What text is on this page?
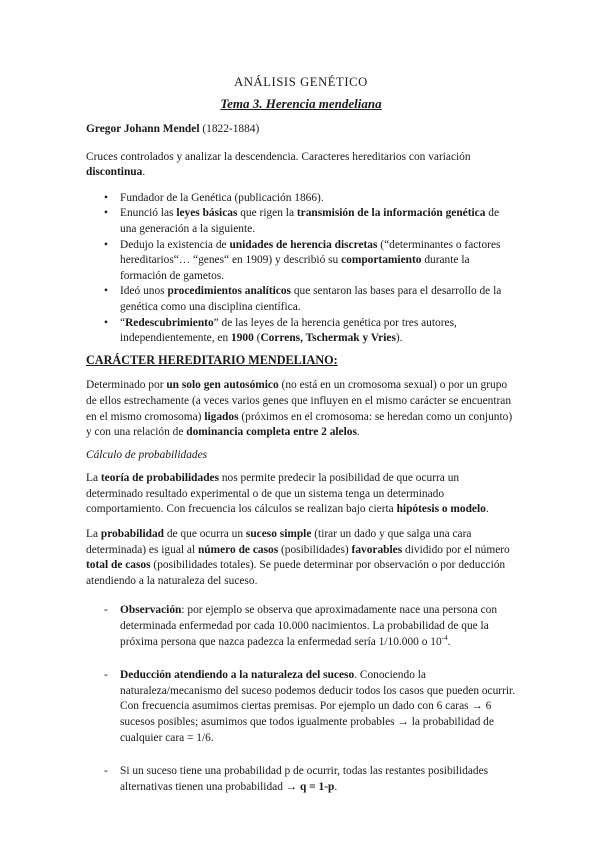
ANÁLISIS GENÉTICO

Tema 3. Herencia mendeliana

Gregor Johann Mendel (1822-1884)

Cruces controlados y analizar la descendencia. Caracteres hereditarios con variación discontinua.

• Fundador de la Genética (publicación 1866).
• Enunció las leyes básicas que rigen la transmisión de la información genética de una generación a la siguiente.
• Dedujo la existencia de unidades de herencia discretas (“determinantes o factores hereditarios“… “genes“ en 1909) y describió su comportamiento durante la formación de gametos.
• Ideó unos procedimientos analíticos que sentaron las bases para el desarrollo de la genética como una disciplina científica.
• “Redescubrimiento” de las leyes de la herencia genética por tres autores, independientemente, en 1900 (Correns, Tschermak y Vries).

CARÁCTER HEREDITARIO MENDELIANO:

Determinado por un solo gen autosómico (no está en un cromosoma sexual) o por un grupo de ellos estrechamente (a veces varios genes que influyen en el mismo carácter se encuentran en el mismo cromosoma) ligados (próximos en el cromosoma: se heredan como un conjunto) y con una relación de dominancia completa entre 2 alelos.

Cálculo de probabilidades

La teoría de probabilidades nos permite predecir la posibilidad de que ocurra un determinado resultado experimental o de que un sistema tenga un determinado comportamiento. Con frecuencia los cálculos se realizan bajo cierta hipótesis o modelo.

La probabilidad de que ocurra un suceso simple (tirar un dado y que salga una cara determinada) es igual al número de casos (posibilidades) favorables dividido por el número total de casos (posibilidades totales). Se puede determinar por observación o por deducción atendiendo a la naturaleza del suceso.

- Observación: por ejemplo se observa que aproximadamente nace una persona con determinada enfermedad por cada 10.000 nacimientos. La probabilidad de que la próxima persona que nazca padezca la enfermedad sería 1/10.000 o $10^{-4}$.
- Deducción atendiendo a la naturaleza del suceso. Conociendo la naturaleza/mecanismo del suceso podemos deducir todos los casos que pueden ocurrir. Con frecuencia asumimos ciertas premisas. Por ejemplo un dado con 6 caras → 6 sucesos posibles; asumimos que todos igualmente probables → la probabilidad de cualquier cara = 1/6.
- Si un suceso tiene una probabilidad p de ocurrir, todas las restantes posibilidades alternativas tienen una probabilidad → q = 1-p.
